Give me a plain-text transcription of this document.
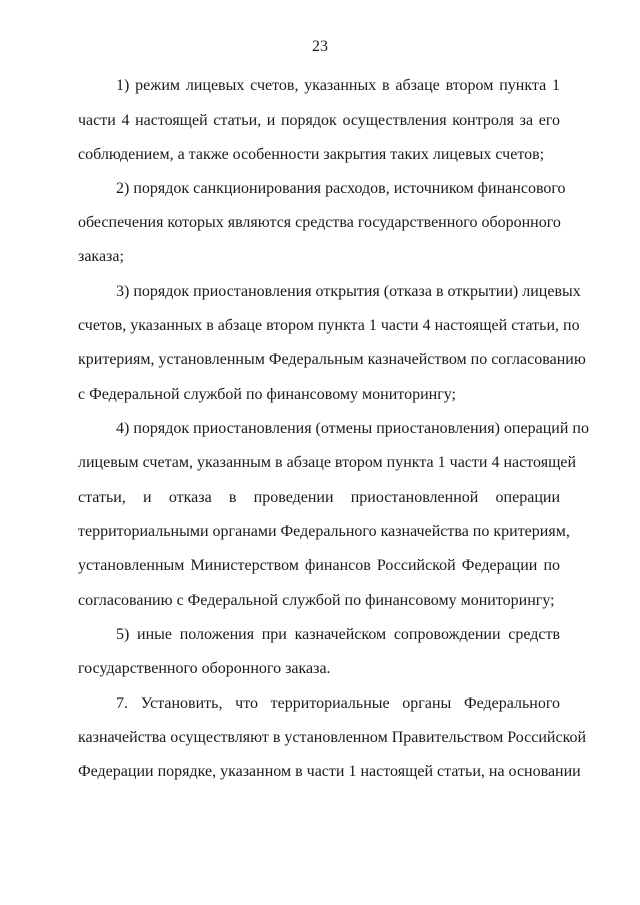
23
1) режим лицевых счетов, указанных в абзаце втором пункта 1
части 4 настоящей статьи, и порядок осуществления контроля за его
соблюдением, а также особенности закрытия таких лицевых счетов;
2) порядок санкционирования расходов, источником финансового
обеспечения которых являются средства государственного оборонного
заказа;
3) порядок приостановления открытия (отказа в открытии) лицевых
счетов, указанных в абзаце втором пункта 1 части 4 настоящей статьи, по
критериям, установленным Федеральным казначейством по согласованию
с Федеральной службой по финансовому мониторингу;
4) порядок приостановления (отмены приостановления) операций по
лицевым счетам, указанным в абзаце втором пункта 1 части 4 настоящей
статьи, и отказа в проведении приостановленной операции
территориальными органами Федерального казначейства по критериям,
установленным Министерством финансов Российской Федерации по
согласованию с Федеральной службой по финансовому мониторингу;
5) иные положения при казначейском сопровождении средств
государственного оборонного заказа.
7. Установить, что территориальные органы Федерального
казначейства осуществляют в установленном Правительством Российской
Федерации порядке, указанном в части 1 настоящей статьи, на основании
